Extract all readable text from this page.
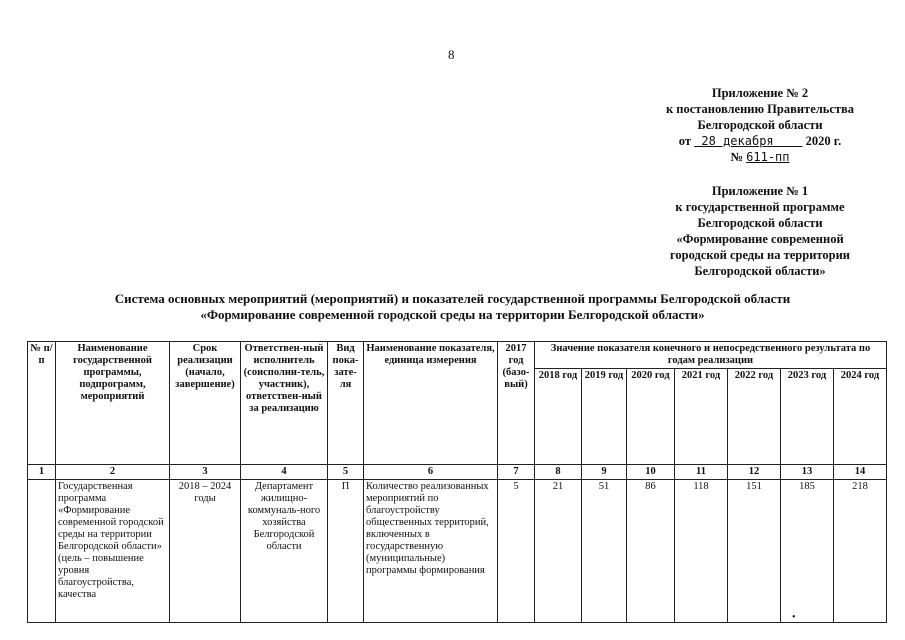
8
Приложение № 2
к постановлению Правительства
Белгородской области
от 28 декабря	2020 г.
№ 611-пп
Приложение № 1
к государственной программе
Белгородской области
«Формирование современной
городской среды на территории
Белгородской области»
Система основных мероприятий (мероприятий) и показателей государственной программы Белгородской области
«Формирование современной городской среды на территории Белгородской области»
№ п/п	Наименование государственной программы, подпрограмм, мероприятий	Срок реализации (начало, завершение)	Ответствен-ный исполнитель (соисполни-тель, участник), ответствен-ный за реализацию	Вид пока-зате-ля	Наименование показателя, единица измерения	2017 год (базо-вый)	Значение показателя конечного и непосредственного результата по годам реализации						
							2018 год	2019 год	2020 год	2021 год	2022 год	2023 год	2024 год
1	2	3	4	5	6	7	8	9	10	11	12	13	14
	Государственная программа «Формирование современной городской среды на территории Белгородской области» (цель – повышение уровня благоустройства, качества	2018 – 2024 годы	Департамент жилищно-коммуналь-ного хозяйства Белгородской области	П	Количество реализованных мероприятий по благоустройству общественных территорий, включенных в государственную (муниципальные) программы формирования	5	21	51	86	118	151	185	218
•
